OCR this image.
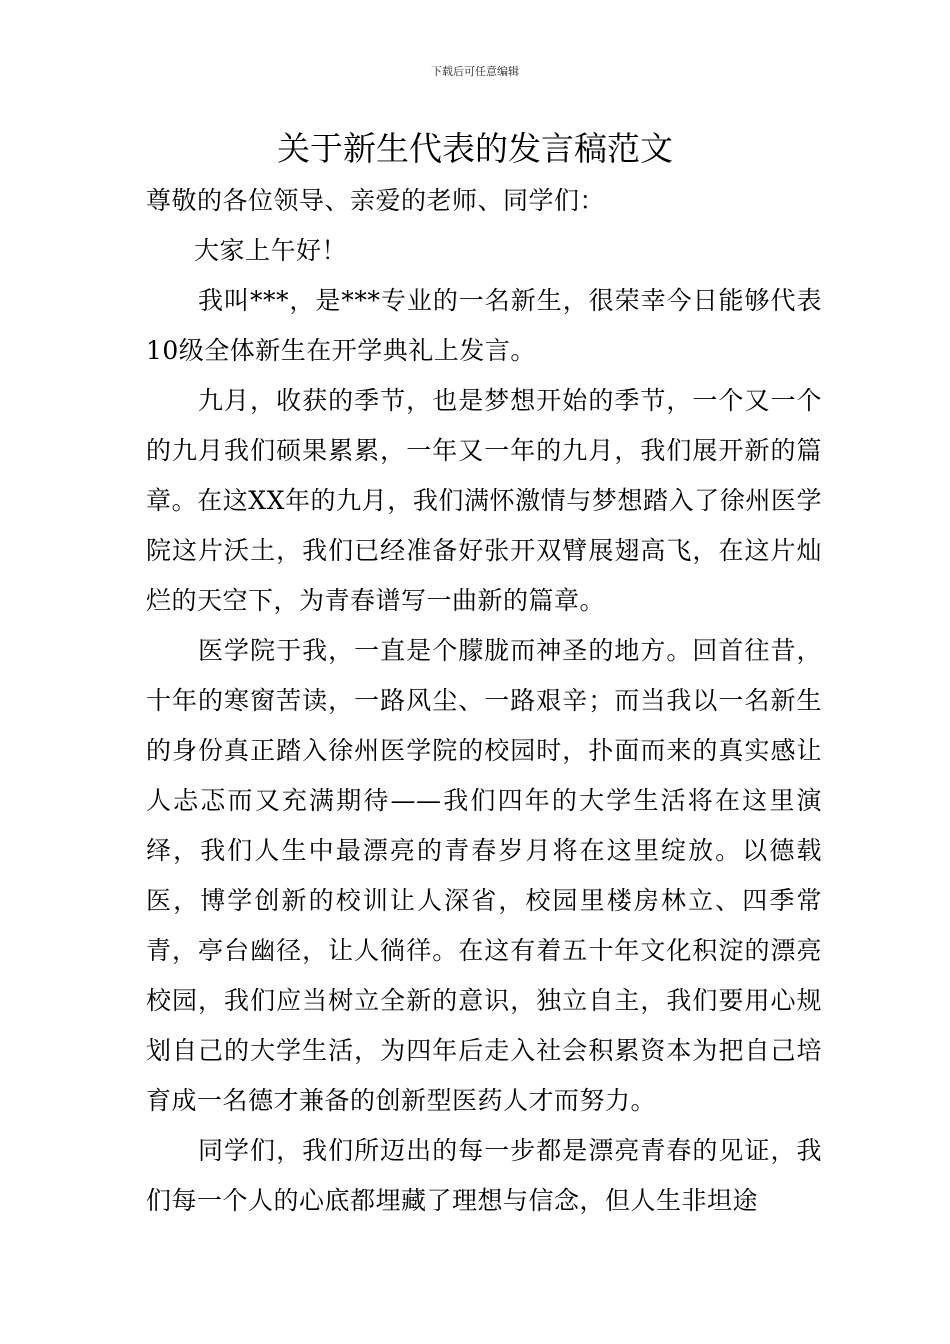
下载后可任意编辑
关于新生代表的发言稿范文

尊敬的各位领导、亲爱的老师、同学们：

大家上午好！

我叫***，是***专业的一名新生，很荣幸今日能够代表10级全体新生在开学典礼上发言。

九月，收获的季节，也是梦想开始的季节，一个又一个的九月我们硕果累累，一年又一年的九月，我们展开新的篇章。在这XX年的九月，我们满怀激情与梦想踏入了徐州医学院这片沃土，我们已经准备好张开双臂展翅高飞，在这片灿烂的天空下，为青春谱写一曲新的篇章。

医学院于我，一直是个朦胧而神圣的地方。回首往昔，十年的寒窗苦读，一路风尘、一路艰辛；而当我以一名新生的身份真正踏入徐州医学院的校园时，扑面而来的真实感让人忐忑而又充满期待——我们四年的大学生活将在这里演绎，我们人生中最漂亮的青春岁月将在这里绽放。以德载医，博学创新的校训让人深省，校园里楼房林立、四季常青，亭台幽径，让人徜徉。在这有着五十年文化积淀的漂亮校园，我们应当树立全新的意识，独立自主，我们要用心规划自己的大学生活，为四年后走入社会积累资本为把自己培育成一名德才兼备的创新型医药人才而努力。

同学们，我们所迈出的每一步都是漂亮青春的见证，我们每一个人的心底都埋藏了理想与信念，但人生非坦途
